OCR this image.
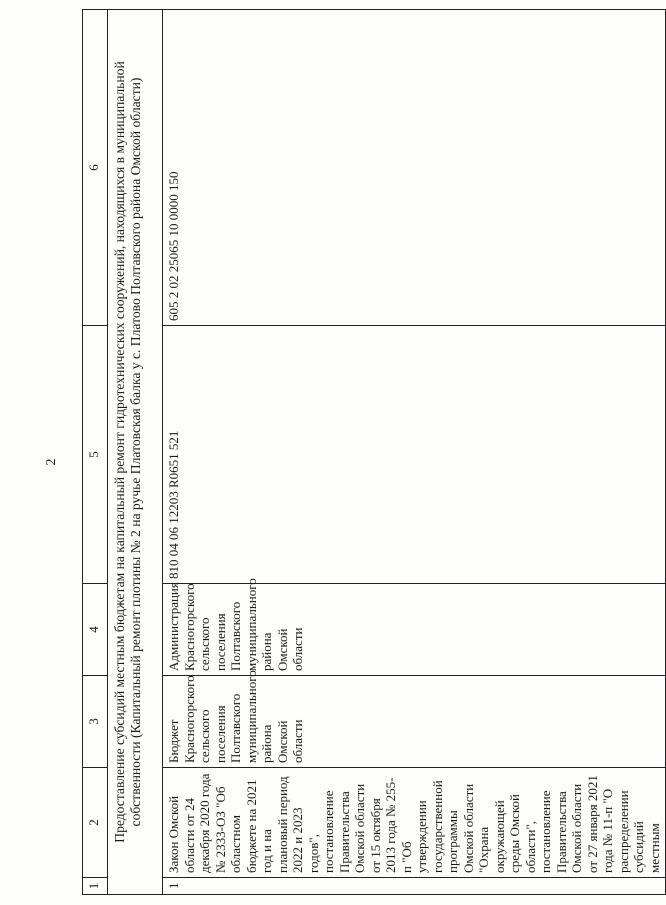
2
1	2	3	4	5	6
Предоставление субсидий местным бюджетам на капитальный ремонт гидротехнических сооружений, находящихся в муниципальной собственности (Капитальный ремонт плотины № 2 на ручье Платовская балка у с. Платово Полтавского района Омской области)					
1	Закон Омской области от 24 декабря 2020 года № 2333-ОЗ "Об областном бюджете на 2021 год и на плановый период 2022 и 2023 годов", постановление Правительства Омской области от 15 октября 2013 года № 255-п "Об утверждении государственной программы Омской области "Охрана окружающей среды Омской области", постановление Правительства Омской области от 27 января 2021 года № 11-п "О распределении субсидий местным	Бюджет Красногорского сельского поселения Полтавского муниципального района Омской области	Администрация Красногорского сельского поселения Полтавского муниципального района Омской области	810 04 06 12203 R0651 521	605 2 02 25065 10 0000 150
